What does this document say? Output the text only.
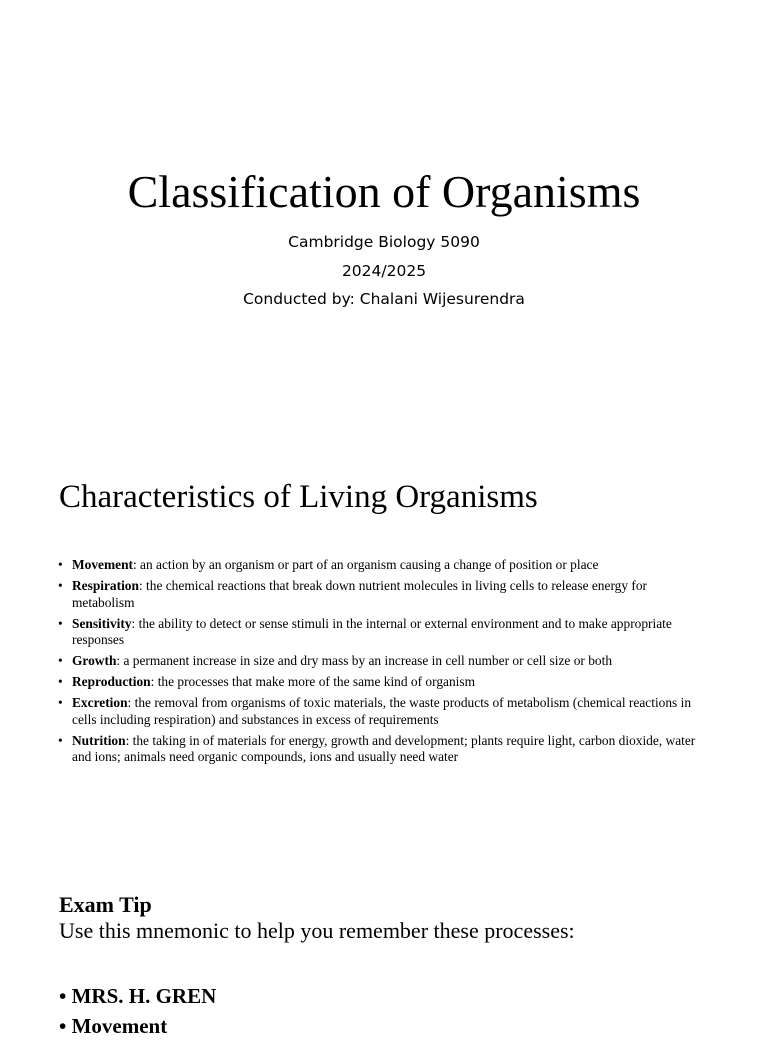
Classification of Organisms
Cambridge Biology 5090
2024/2025
Conducted by: Chalani Wijesurendra
Characteristics of Living Organisms
• Movement: an action by an organism or part of an organism causing a change of position or place
• Respiration: the chemical reactions that break down nutrient molecules in living cells to release energy for metabolism
• Sensitivity: the ability to detect or sense stimuli in the internal or external environment and to make appropriate responses
• Growth: a permanent increase in size and dry mass by an increase in cell number or cell size or both
• Reproduction: the processes that make more of the same kind of organism
• Excretion: the removal from organisms of toxic materials, the waste products of metabolism (chemical reactions in cells including respiration) and substances in excess of requirements
• Nutrition: the taking in of materials for energy, growth and development; plants require light, carbon dioxide, water and ions; animals need organic compounds, ions and usually need water
Exam Tip
Use this mnemonic to help you remember these processes:
• MRS. H. GREN
• Movement
